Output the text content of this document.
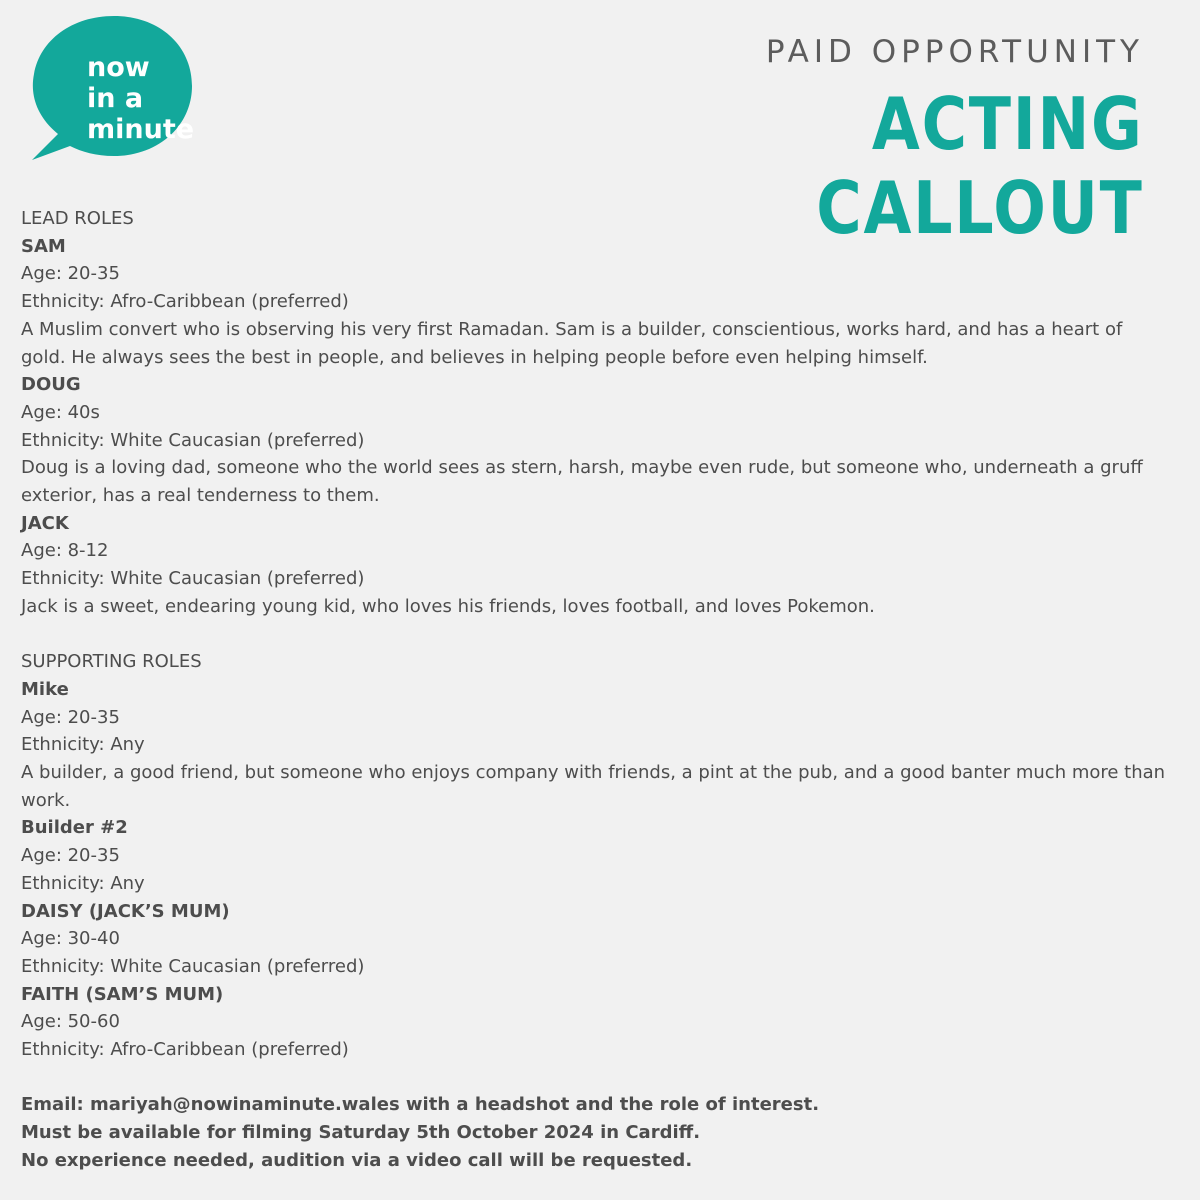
now
in a
minute
PAID OPPORTUNITY
ACTING
CALLOUT
LEAD ROLES
SAM
Age: 20-35
Ethnicity: Afro-Caribbean (preferred)
A Muslim convert who is observing his very first Ramadan. Sam is a builder, conscientious, works hard, and has a heart of gold. He always sees the best in people, and believes in helping people before even helping himself.
DOUG
Age: 40s
Ethnicity: White Caucasian (preferred)
Doug is a loving dad, someone who the world sees as stern, harsh, maybe even rude, but someone who, underneath a gruff exterior, has a real tenderness to them.
JACK
Age: 8-12
Ethnicity: White Caucasian (preferred)
Jack is a sweet, endearing young kid, who loves his friends, loves football, and loves Pokemon.
SUPPORTING ROLES
Mike
Age: 20-35
Ethnicity: Any
A builder, a good friend, but someone who enjoys company with friends, a pint at the pub, and a good banter much more than work.
Builder #2
Age: 20-35
Ethnicity: Any
DAISY (JACK’S MUM)
Age: 30-40
Ethnicity: White Caucasian (preferred)
FAITH (SAM’S MUM)
Age: 50-60
Ethnicity: Afro-Caribbean (preferred)
Email: mariyah@nowinaminute.wales with a headshot and the role of interest.
Must be available for filming Saturday 5th October 2024 in Cardiff.
No experience needed, audition via a video call will be requested.
